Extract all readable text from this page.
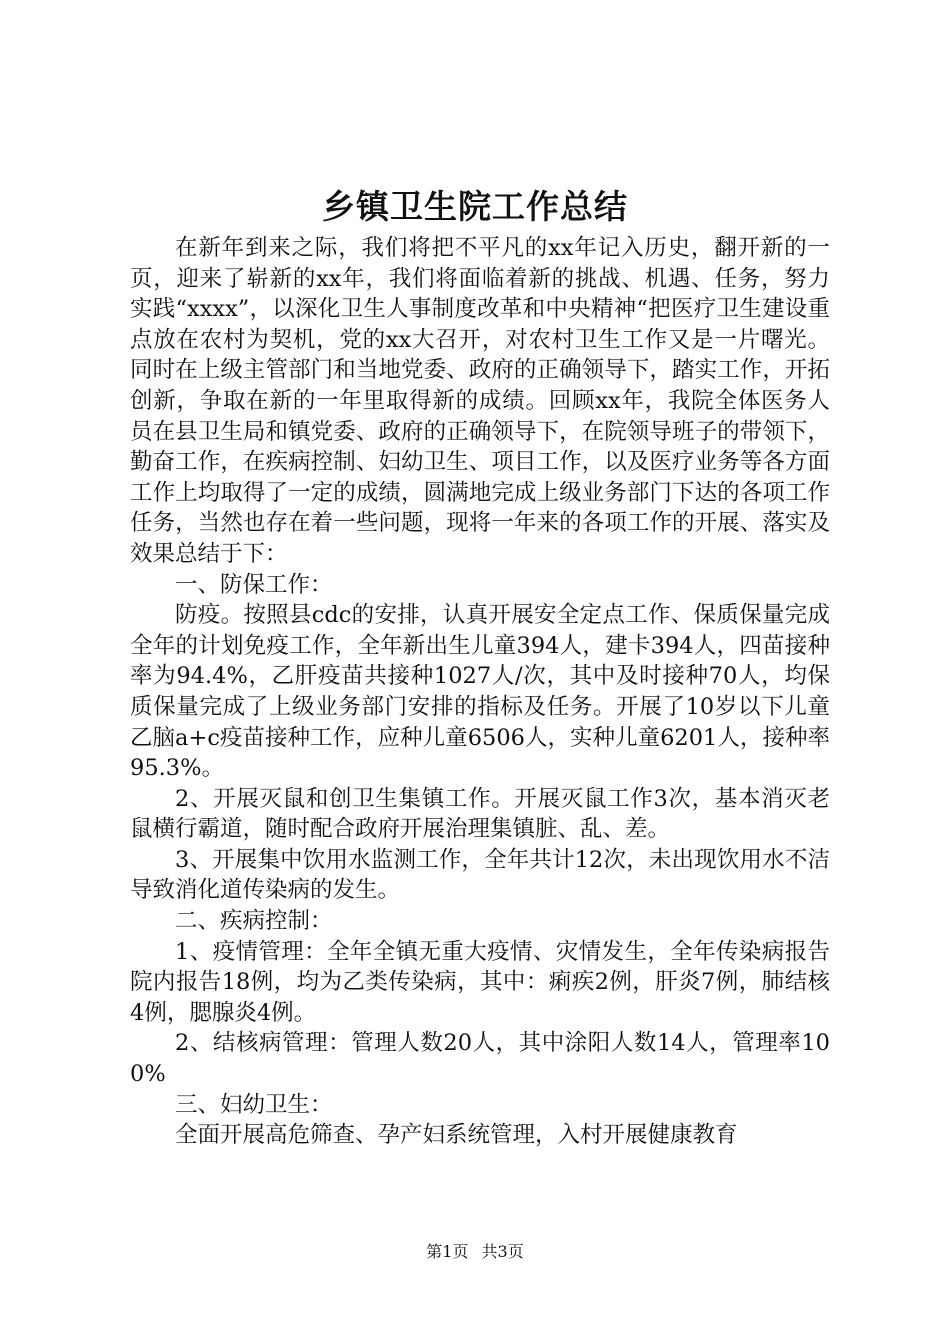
乡镇卫生院工作总结

在新年到来之际，我们将把不平凡的xx年记入历史，翻开新的一页，迎来了崭新的xx年，我们将面临着新的挑战、机遇、任务，努力实践“xxxx”，以深化卫生人事制度改革和中央精神“把医疗卫生建设重点放在农村为契机，党的xx大召开，对农村卫生工作又是一片曙光。同时在上级主管部门和当地党委、政府的正确领导下，踏实工作，开拓创新，争取在新的一年里取得新的成绩。回顾xx年，我院全体医务人员在县卫生局和镇党委、政府的正确领导下，在院领导班子的带领下，勤奋工作，在疾病控制、妇幼卫生、项目工作，以及医疗业务等各方面工作上均取得了一定的成绩，圆满地完成上级业务部门下达的各项工作任务，当然也存在着一些问题，现将一年来的各项工作的开展、落实及效果总结于下：

一、防保工作：

防疫。按照县cdc的安排，认真开展安全定点工作、保质保量完成全年的计划免疫工作，全年新出生儿童394人，建卡394人，四苗接种率为94.4%，乙肝疫苗共接种1027人/次，其中及时接种70人，均保质保量完成了上级业务部门安排的指标及任务。开展了10岁以下儿童乙脑a+c疫苗接种工作，应种儿童6506人，实种儿童6201人，接种率95.3%。

2、开展灭鼠和创卫生集镇工作。开展灭鼠工作3次，基本消灭老鼠横行霸道，随时配合政府开展治理集镇脏、乱、差。

3、开展集中饮用水监测工作，全年共计12次，未出现饮用水不洁导致消化道传染病的发生。

二、疾病控制：

1、疫情管理：全年全镇无重大疫情、灾情发生，全年传染病报告院内报告18例，均为乙类传染病，其中：痢疾2例，肝炎7例，肺结核4例，腮腺炎4例。

2、结核病管理：管理人数20人，其中涂阳人数14人，管理率100%

三、妇幼卫生：

全面开展高危筛查、孕产妇系统管理，入村开展健康教育

第1页 共3页
